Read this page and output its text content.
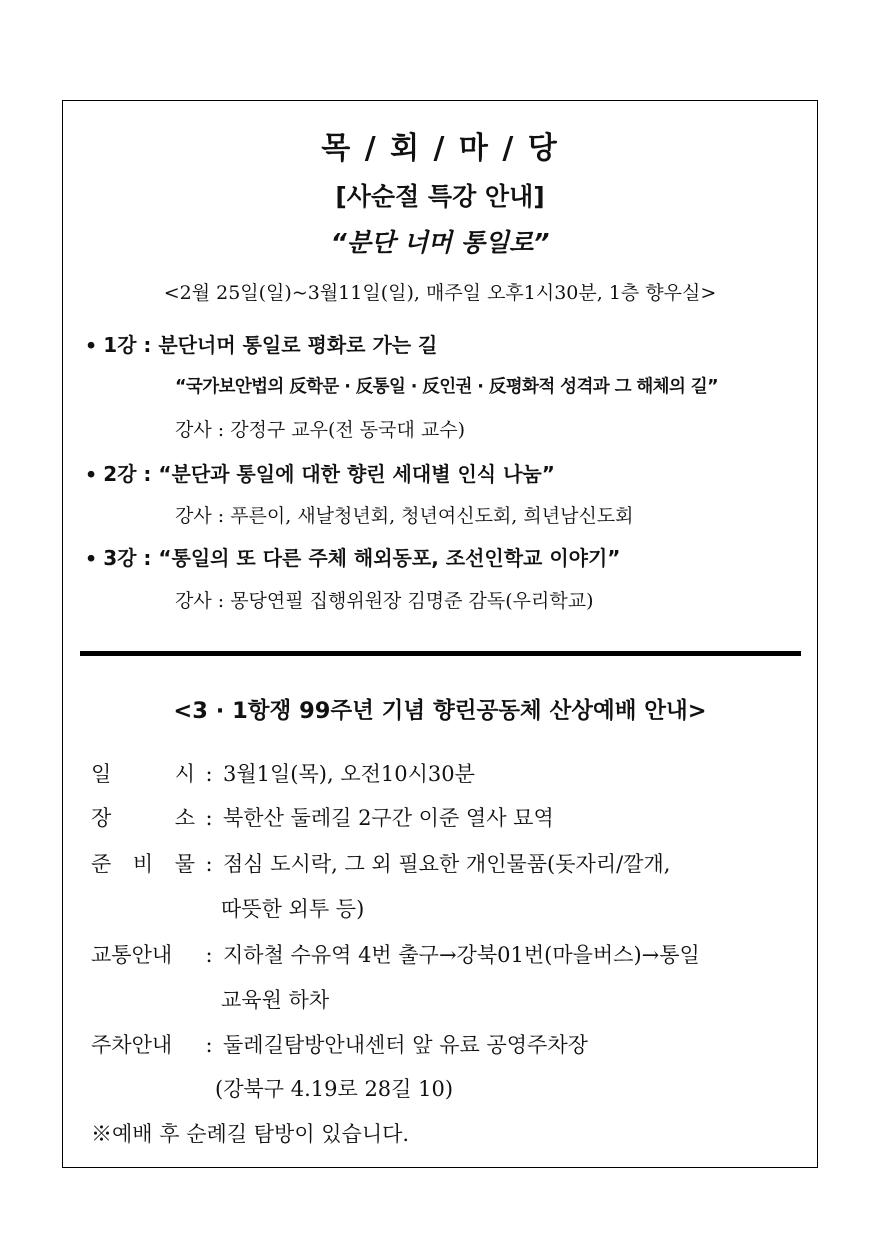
목 / 회 / 마 / 당
[사순절 특강 안내]
“분단 너머 통일로”
<2월 25일(일)~3월11일(일), 매주일 오후1시30분, 1층 향우실>
• 1강 : 분단너머 통일로 평화로 가는 길
“국가보안법의 反학문 · 反통일 · 反인권 · 反평화적 성격과 그 해체의 길”
강사 : 강정구 교우(전 동국대 교수)
• 2강 : “분단과 통일에 대한 향린 세대별 인식 나눔”
강사 : 푸른이, 새날청년회, 청년여신도회, 희년남신도회
• 3강 : “통일의 또 다른 주체 해외동포, 조선인학교 이야기”
강사 : 몽당연필 집행위원장 김명준 감독(우리학교)
<3 · 1항쟁 99주년 기념 향린공동체 산상예배 안내>
일 시 : 3월1일(목), 오전10시30분
장 소 : 북한산 둘레길 2구간 이준 열사 묘역
준 비 물 : 점심 도시락, 그 외 필요한 개인물품(돗자리/깔개,
따뜻한 외투 등)
교통안내 : 지하철 수유역 4번 출구→강북01번(마을버스)→통일
교육원 하차
주차안내 : 둘레길탐방안내센터 앞 유료 공영주차장
(강북구 4.19로 28길 10)
※예배 후 순례길 탐방이 있습니다.
